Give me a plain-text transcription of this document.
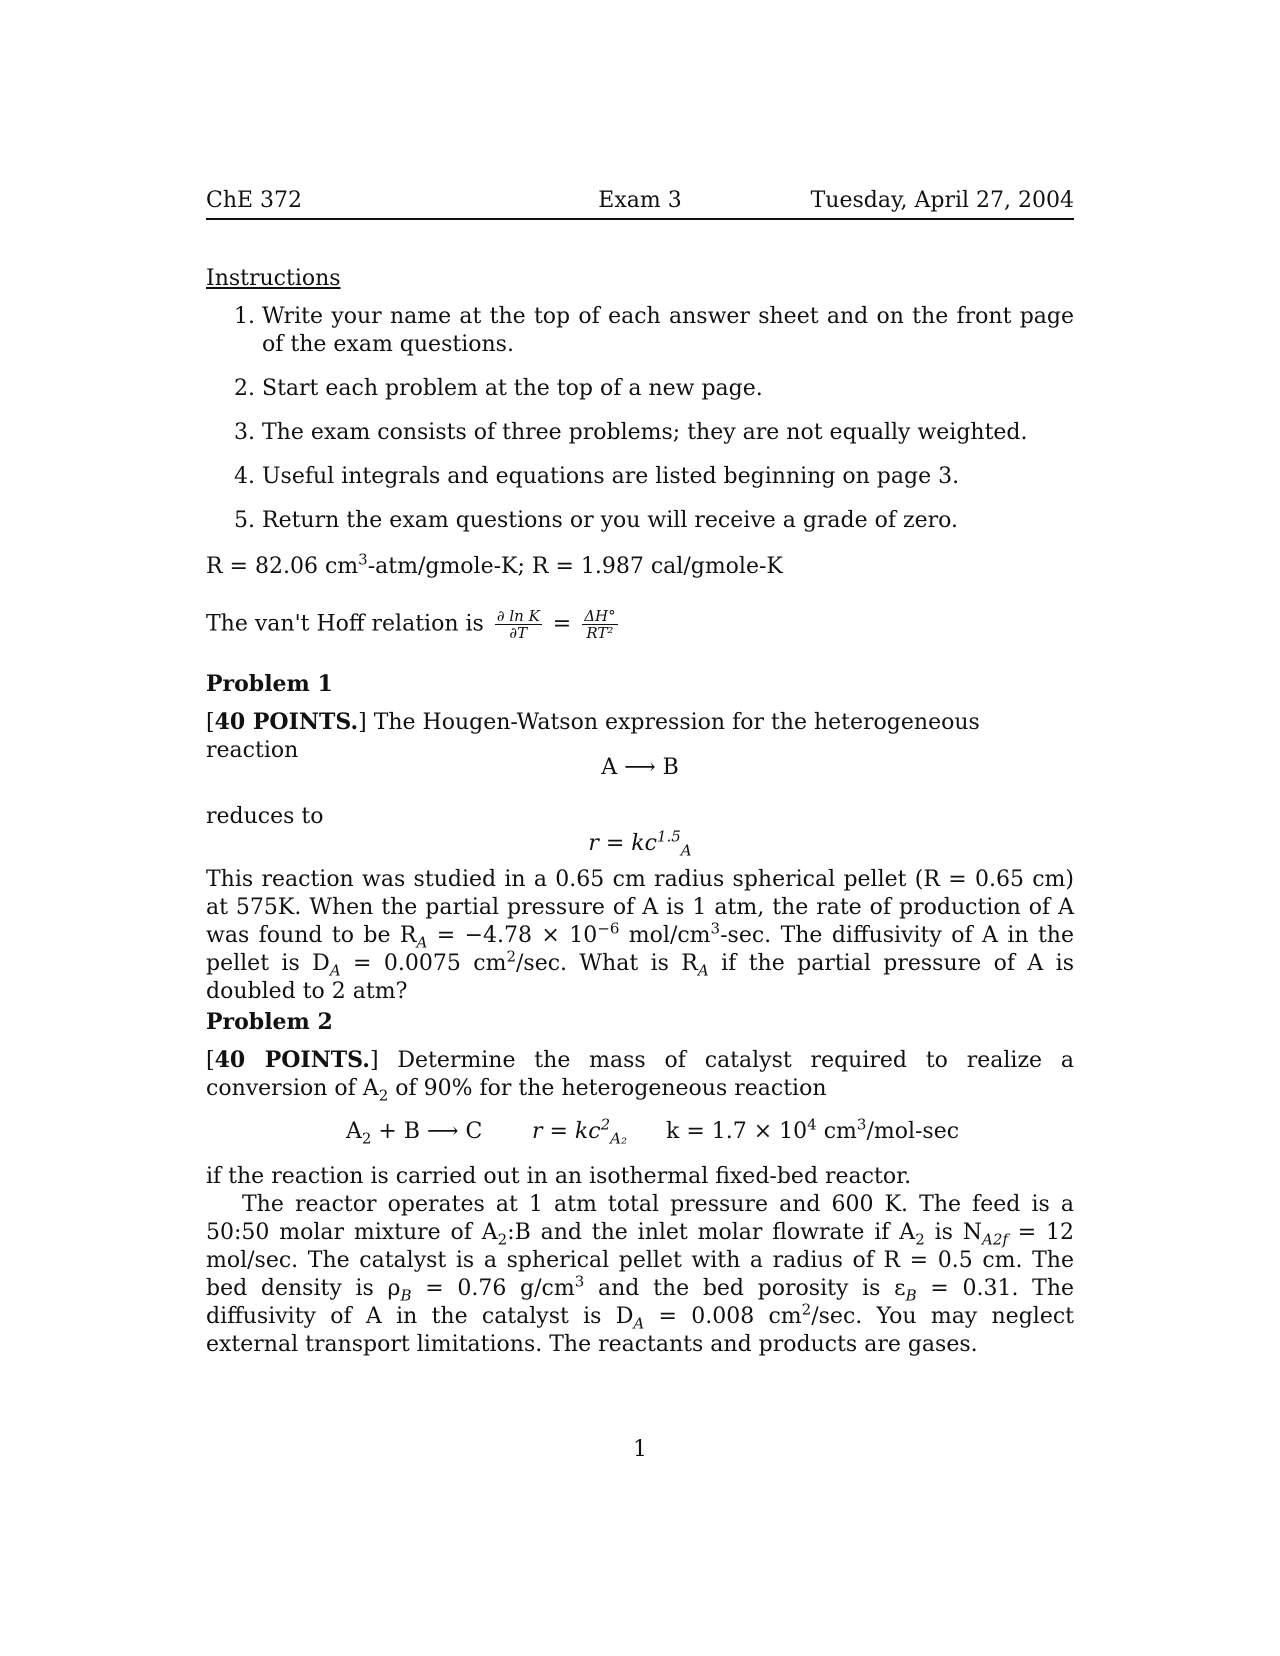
ChE 372	Exam 3	Tuesday, April 27, 2004
Instructions
1. Write your name at the top of each answer sheet and on the front page of the exam questions.
2. Start each problem at the top of a new page.
3. The exam consists of three problems; they are not equally weighted.
4. Useful integrals and equations are listed beginning on page 3.
5. Return the exam questions or you will receive a grade of zero.
R = 82.06 $cm^3-atm/gmole-K$; R = 1.987 cal/gmole-K
The van't Hoff relation is $\frac{\text{∂ ln K}}{\partial T} = \frac{\Delta H^\circ}{\text{RT²}}$
Problem 1
[40 POINTS.] The Hougen-Watson expression for the heterogeneous reaction
A ⟶ B
reduces to
$r = kc^{1.5}_A$
This reaction was studied in a 0.65 cm radius spherical pellet (R = 0.65 cm) at 575K. When the partial pressure of A is 1 atm, the rate of production of A was found to be $R_A = -4.78 \times 10^{-6}$ mol/$cm^3-\sec$. The diffusivity of A in the pellet is $D_A = 0.0075$ $cm^2/\sec$. What is $R_A$ if the partial pressure of A is doubled to 2 atm?
Problem 2
[40 POINTS.] Determine the mass of catalyst required to realize a conversion of $A_2$ of 90% for the heterogeneous reaction
$A_2 + B$ ⟶ C $r = kc^2_{A_2}$ $k = 1.7 \times 10^4$ $cm^3/mol-\sec$
if the reaction is carried out in an isothermal fixed-bed reactor.
The reactor operates at 1 atm total pressure and 600 K. The feed is a 50:50 molar mixture of $A_2:B$ and the inlet molar flowrate if $A_2$ is $N_{A2f} = 12$ mol/sec. The catalyst is a spherical pellet with a radius of R = 0.5 cm. The bed density is $\rho_B = 0.76$ $g/cm^3$ and the bed porosity is $\varepsilon_B = 0.31$. The diffusivity of A in the catalyst is $D_A = 0.008$ $cm^2/\sec$. You may neglect external transport limitations. The reactants and products are gases.
1
